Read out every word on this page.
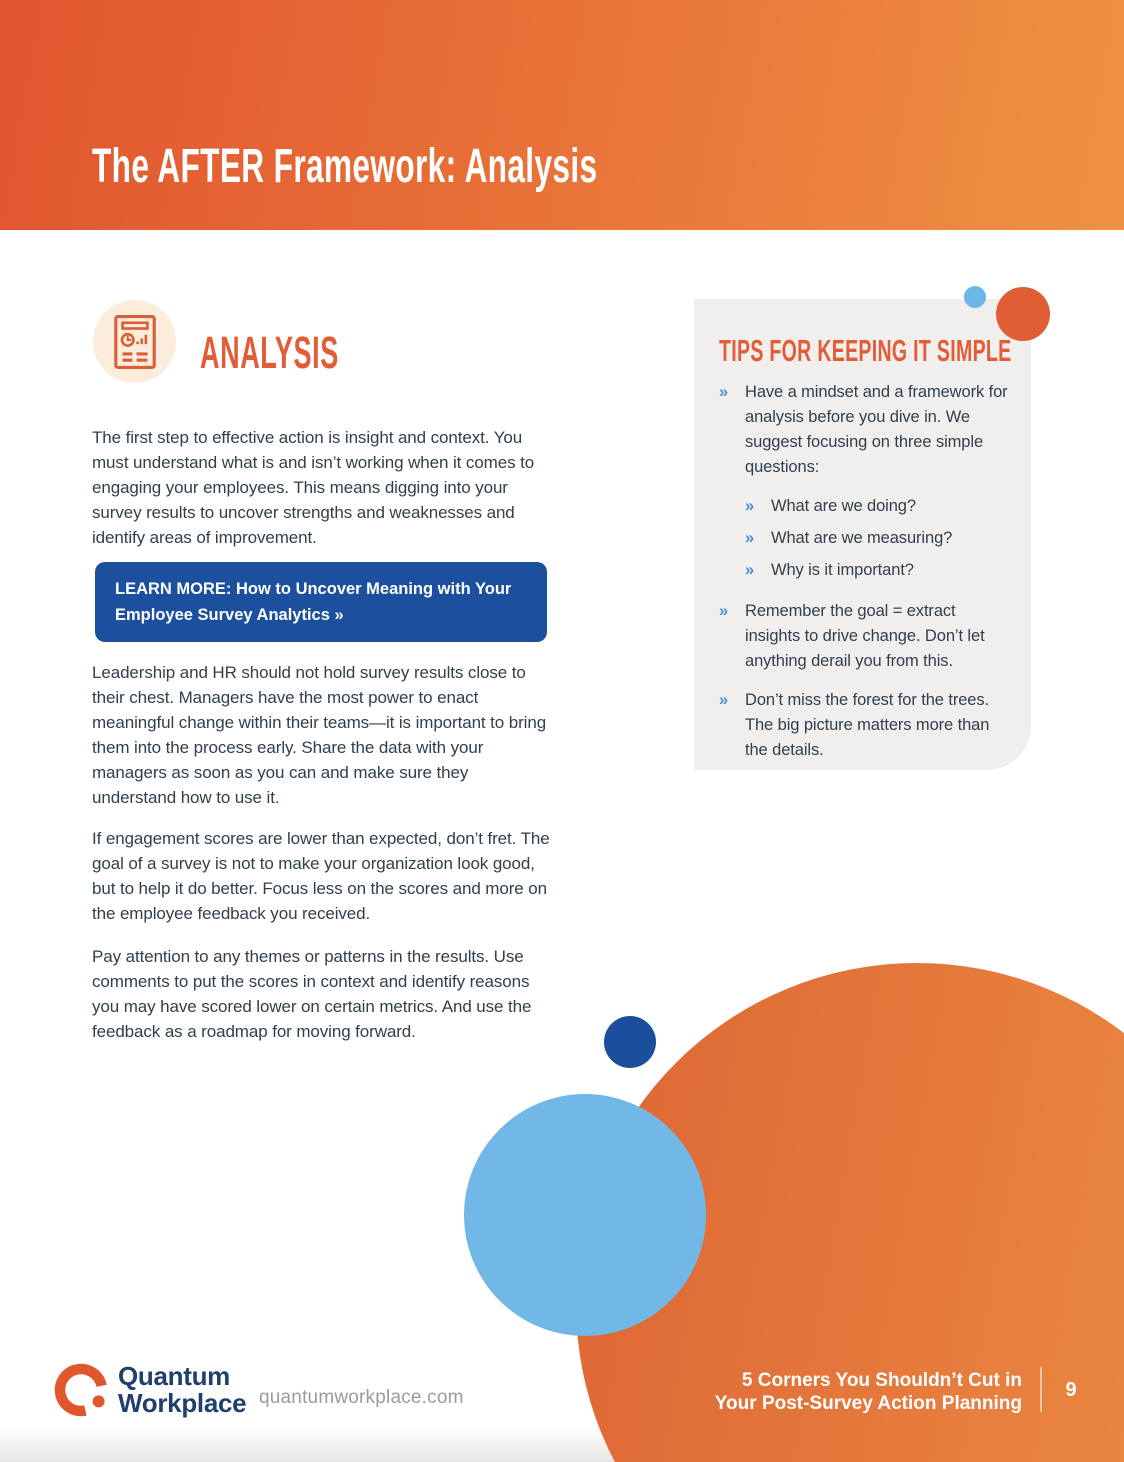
The AFTER Framework: Analysis
ANALYSIS

The first step to effective action is insight and context. You must understand what is and isn’t working when it comes to engaging your employees. This means digging into your survey results to uncover strengths and weaknesses and identify areas of improvement.

LEARN MORE: How to Uncover Meaning with Your Employee Survey Analytics »

Leadership and HR should not hold survey results close to their chest. Managers have the most power to enact meaningful change within their teams—it is important to bring them into the process early. Share the data with your managers as soon as you can and make sure they understand how to use it.

If engagement scores are lower than expected, don’t fret. The goal of a survey is not to make your organization look good, but to help it do better. Focus less on the scores and more on the employee feedback you received.

Pay attention to any themes or patterns in the results. Use comments to put the scores in context and identify reasons you may have scored lower on certain metrics. And use the feedback as a roadmap for moving forward.

TIPS FOR KEEPING IT SIMPLE
»	Have a mindset and a framework for analysis before you dive in. We suggest focusing on three simple questions:
»	What are we doing?
»	What are we measuring?
»	Why is it important?
»	Remember the goal = extract insights to drive change. Don’t let anything derail you from this.
»	Don’t miss the forest for the trees. The big picture matters more than the details.
Quantum
Workplace quantumworkplace.com
5 Corners You Shouldn’t Cut in
Your Post-Survey Action Planning
9
